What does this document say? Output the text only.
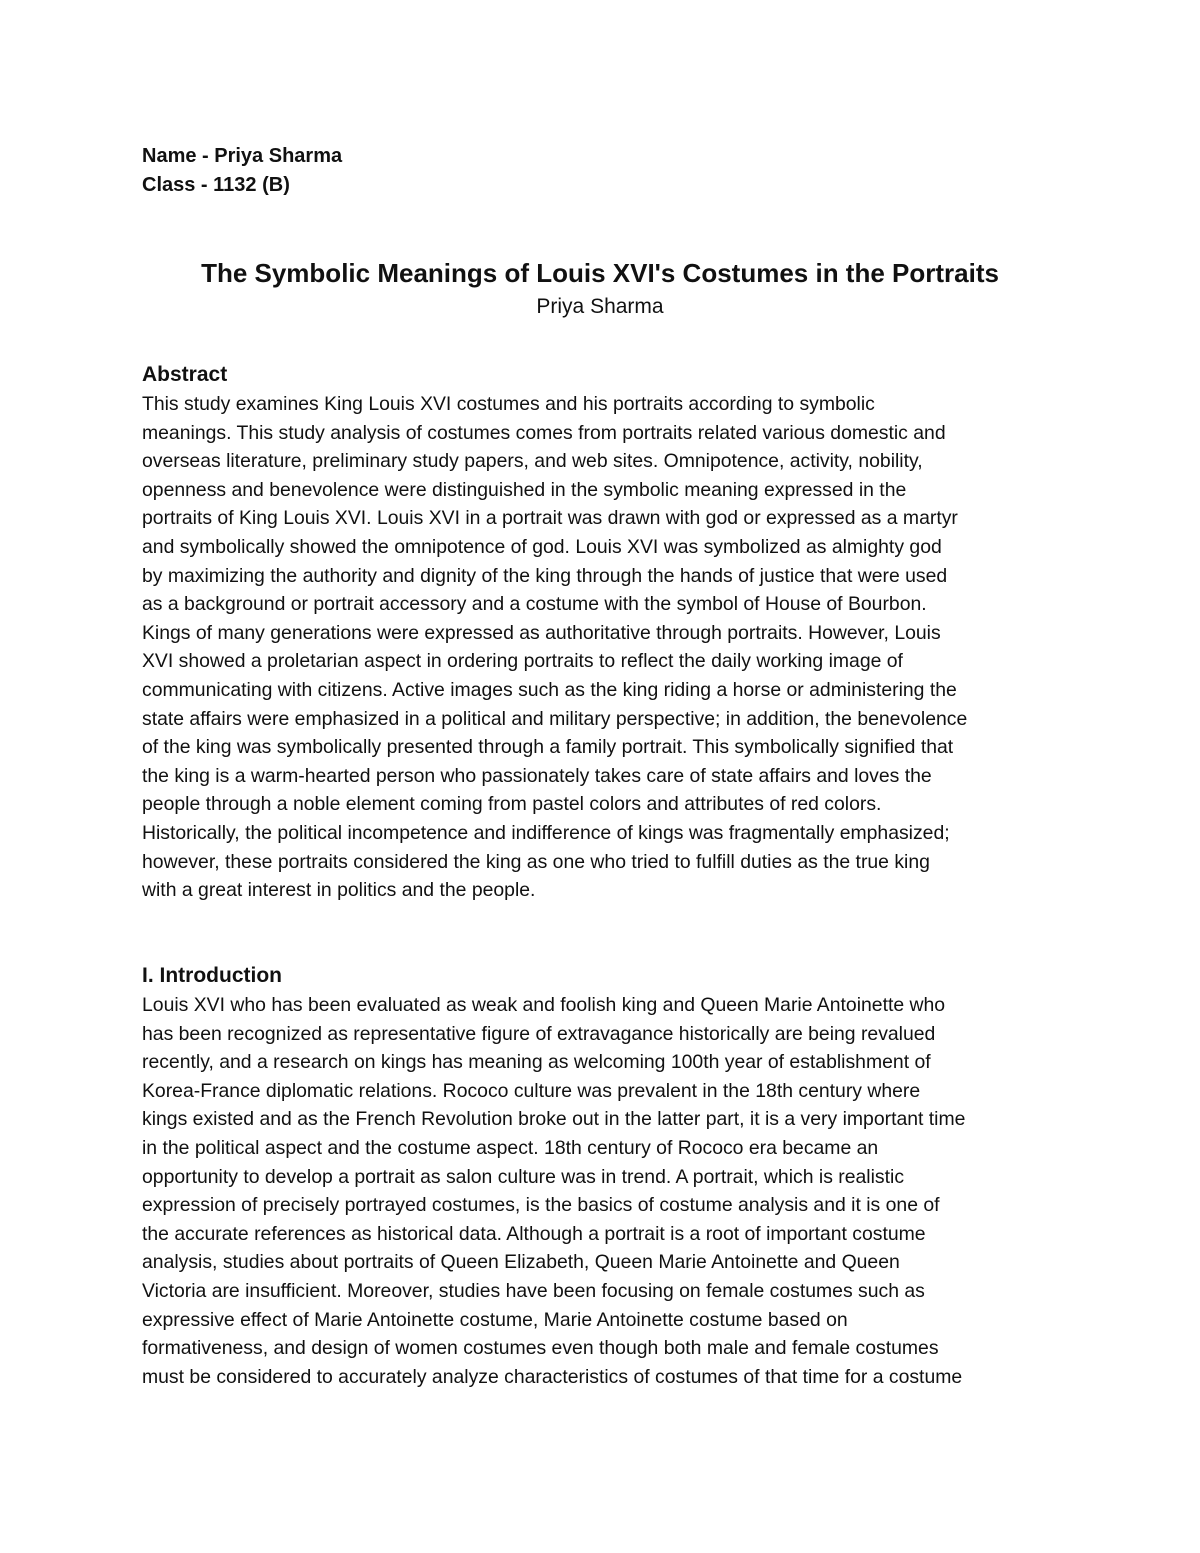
Name - Priya Sharma
Class - 1132 (B)
The Symbolic Meanings of Louis XVI's Costumes in the Portraits
Priya Sharma
Abstract
This study examines King Louis XVI costumes and his portraits according to symbolic
meanings. This study analysis of costumes comes from portraits related various domestic and
overseas literature, preliminary study papers, and web sites. Omnipotence, activity, nobility,
openness and benevolence were distinguished in the symbolic meaning expressed in the
portraits of King Louis XVI. Louis XVI in a portrait was drawn with god or expressed as a martyr
and symbolically showed the omnipotence of god. Louis XVI was symbolized as almighty god
by maximizing the authority and dignity of the king through the hands of justice that were used
as a background or portrait accessory and a costume with the symbol of House of Bourbon.
Kings of many generations were expressed as authoritative through portraits. However, Louis
XVI showed a proletarian aspect in ordering portraits to reflect the daily working image of
communicating with citizens. Active images such as the king riding a horse or administering the
state affairs were emphasized in a political and military perspective; in addition, the benevolence
of the king was symbolically presented through a family portrait. This symbolically signified that
the king is a warm-hearted person who passionately takes care of state affairs and loves the
people through a noble element coming from pastel colors and attributes of red colors.
Historically, the political incompetence and indifference of kings was fragmentally emphasized;
however, these portraits considered the king as one who tried to fulfill duties as the true king
with a great interest in politics and the people.
I. Introduction
Louis XVI who has been evaluated as weak and foolish king and Queen Marie Antoinette who
has been recognized as representative figure of extravagance historically are being revalued
recently, and a research on kings has meaning as welcoming 100th year of establishment of
Korea-France diplomatic relations. Rococo culture was prevalent in the 18th century where
kings existed and as the French Revolution broke out in the latter part, it is a very important time
in the political aspect and the costume aspect. 18th century of Rococo era became an
opportunity to develop a portrait as salon culture was in trend. A portrait, which is realistic
expression of precisely portrayed costumes, is the basics of costume analysis and it is one of
the accurate references as historical data. Although a portrait is a root of important costume
analysis, studies about portraits of Queen Elizabeth, Queen Marie Antoinette and Queen
Victoria are insufficient. Moreover, studies have been focusing on female costumes such as
expressive effect of Marie Antoinette costume, Marie Antoinette costume based on
formativeness, and design of women costumes even though both male and female costumes
must be considered to accurately analyze characteristics of costumes of that time for a costume
